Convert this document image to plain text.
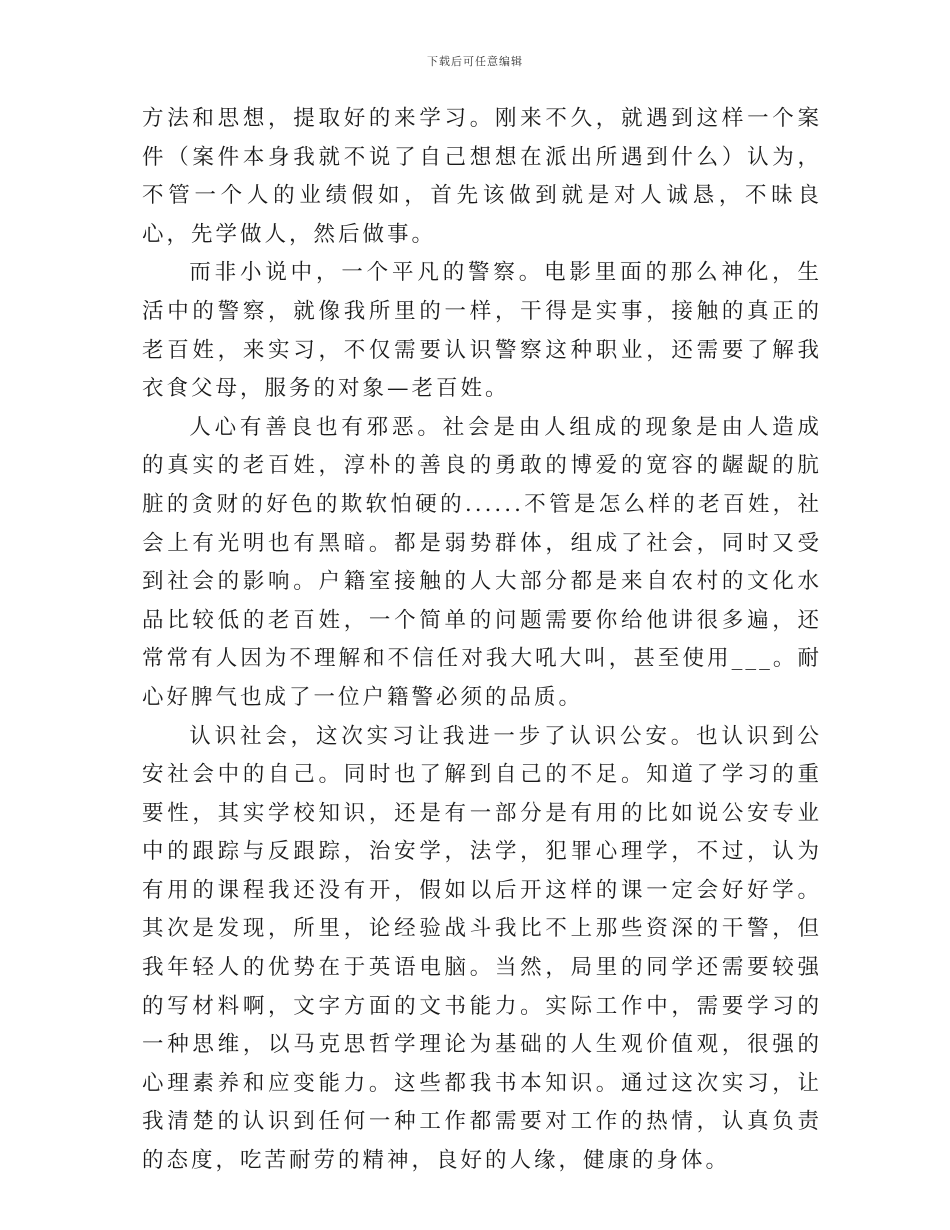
下载后可任意编辑

方法和思想，提取好的来学习。刚来不久，就遇到这样一个案件（案件本身我就不说了自己想想在派出所遇到什么）认为，不管一个人的业绩假如，首先该做到就是对人诚恳，不昧良心，先学做人，然后做事。

而非小说中，一个平凡的警察。电影里面的那么神化，生活中的警察，就像我所里的一样，干得是实事，接触的真正的老百姓，来实习，不仅需要认识警察这种职业，还需要了解我衣食父母，服务的对象—老百姓。

人心有善良也有邪恶。社会是由人组成的现象是由人造成的真实的老百姓，淳朴的善良的勇敢的博爱的宽容的龌龊的肮脏的贪财的好色的欺软怕硬的......不管是怎么样的老百姓，社会上有光明也有黑暗。都是弱势群体，组成了社会，同时又受到社会的影响。户籍室接触的人大部分都是来自农村的文化水品比较低的老百姓，一个简单的问题需要你给他讲很多遍，还常常有人因为不理解和不信任对我大吼大叫，甚至使用___。耐心好脾气也成了一位户籍警必须的品质。

认识社会，这次实习让我进一步了认识公安。也认识到公安社会中的自己。同时也了解到自己的不足。知道了学习的重要性，其实学校知识，还是有一部分是有用的比如说公安专业中的跟踪与反跟踪，治安学，法学，犯罪心理学，不过，认为有用的课程我还没有开，假如以后开这样的课一定会好好学。其次是发现，所里，论经验战斗我比不上那些资深的干警，但我年轻人的优势在于英语电脑。当然，局里的同学还需要较强的写材料啊，文字方面的文书能力。实际工作中，需要学习的一种思维，以马克思哲学理论为基础的人生观价值观，很强的心理素养和应变能力。这些都我书本知识。通过这次实习，让我清楚的认识到任何一种工作都需要对工作的热情，认真负责的态度，吃苦耐劳的精神，良好的人缘，健康的身体。
